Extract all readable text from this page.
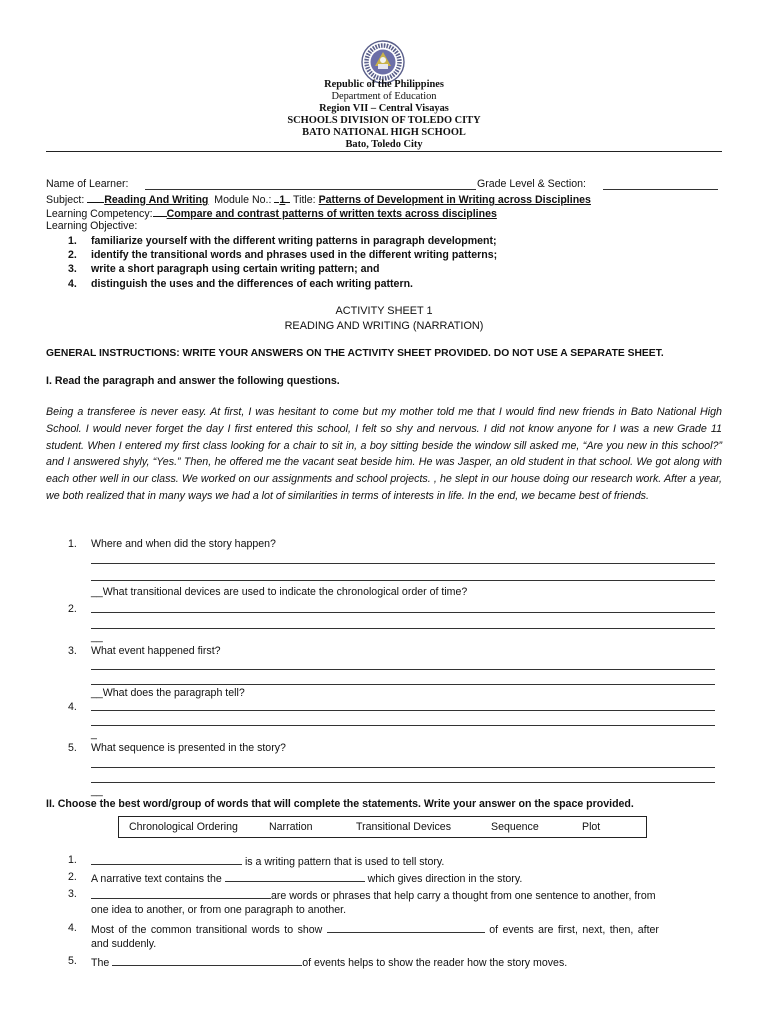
Republic of the Philippines
Department of Education
Region VII – Central Visayas
SCHOOLS DIVISION OF TOLEDO CITY
BATO NATIONAL HIGH SCHOOL
Bato, Toledo City
Name of Learner:	Grade Level & Section:
Subject: Reading And Writing Module No.: 1 Title: Patterns of Development in Writing across Disciplines
Learning Competency: Compare and contrast patterns of written texts across disciplines
Learning Objective:
1. familiarize yourself with the different writing patterns in paragraph development;
2. identify the transitional words and phrases used in the different writing patterns;
3. write a short paragraph using certain writing pattern; and
4. distinguish the uses and the differences of each writing pattern.
ACTIVITY SHEET 1
READING AND WRITING (NARRATION)
GENERAL INSTRUCTIONS: WRITE YOUR ANSWERS ON THE ACTIVITY SHEET PROVIDED. DO NOT USE A SEPARATE SHEET.
I. Read the paragraph and answer the following questions.
Being a transferee is never easy. At first, I was hesitant to come but my mother told me that I would find new friends in Bato National High School. I would never forget the day I first entered this school, I felt so shy and nervous. I did not know anyone for I was a new Grade 11 student. When I entered my first class looking for a chair to sit in, a boy sitting beside the window sill asked me, “Are you new in this school?” and I answered shyly, “Yes.” Then, he offered me the vacant seat beside him. He was Jasper, an old student in that school. We got along with each other well in our class. We worked on our assignments and school projects. , he slept in our house doing our research work. After a year, we both realized that in many ways we had a lot of similarities in terms of interests in life. In the end, we became best of friends.
1. Where and when did the story happen?
__What transitional devices are used to indicate the chronological order of time?
2.
__
3. What event happened first?
__What does the paragraph tell?
4.
_
5. What sequence is presented in the story?
__
II. Choose the best word/group of words that will complete the statements. Write your answer on the space provided.
Chronological Ordering	Narration	Transitional Devices	Sequence	Plot
1.	is a writing pattern that is used to tell story.
2. A narrative text contains the	which gives direction in the story.
3.	are words or phrases that help carry a thought from one sentence to another, from
one idea to another, or from one paragraph to another.
4. Most of the common transitional words to show	of events are first, next, then, after
and suddenly.
5. The	of events helps to show the reader how the story moves.
